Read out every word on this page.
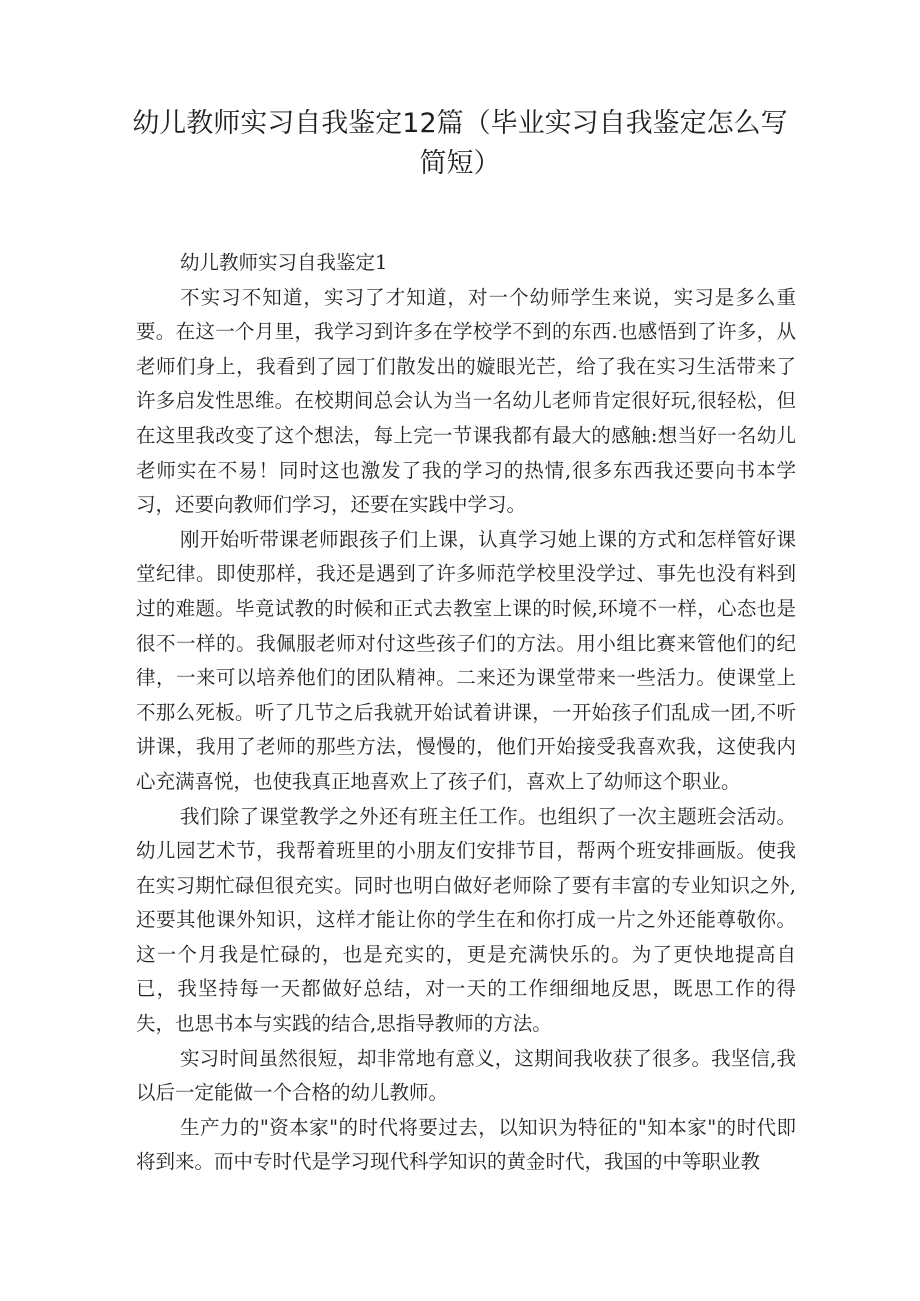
幼儿教师实习自我鉴定12篇（毕业实习自我鉴定怎么写简短）

幼儿教师实习自我鉴定1

不实习不知道，实习了才知道，对一个幼师学生来说，实习是多么重要。在这一个月里，我学习到许多在学校学不到的东西.也感悟到了许多，从老师们身上，我看到了园丁们散发出的嫙眼光芒，给了我在实习生活带来了许多启发性思维。在校期间总会认为当一名幼儿老师肯定很好玩,很轻松，但在这里我改变了这个想法，每上完一节课我都有最大的感触:想当好一名幼儿老师实在不易！同时这也激发了我的学习的热情,很多东西我还要向书本学习，还要向教师们学习，还要在实践中学习。

刚开始听带课老师跟孩子们上课，认真学习她上课的方式和怎样管好课堂纪律。即使那样，我还是遇到了许多师范学校里没学过、事先也没有料到过的难题。毕竟试教的时候和正式去教室上课的时候,环境不一样，心态也是很不一样的。我佩服老师对付这些孩子们的方法。用小组比赛来管他们的纪律，一来可以培养他们的团队精神。二来还为课堂带来一些活力。使课堂上不那么死板。听了几节之后我就开始试着讲课，一开始孩子们乱成一团,不听讲课，我用了老师的那些方法，慢慢的，他们开始接受我喜欢我，这使我内心充满喜悦，也使我真正地喜欢上了孩子们，喜欢上了幼师这个职业。

我们除了课堂教学之外还有班主任工作。也组织了一次主题班会活动。幼儿园艺术节，我帮着班里的小朋友们安排节目，帮两个班安排画版。使我在实习期忙碌但很充实。同时也明白做好老师除了要有丰富的专业知识之外,还要其他课外知识，这样才能让你的学生在和你打成一片之外还能尊敬你。这一个月我是忙碌的，也是充实的，更是充满快乐的。为了更快地提高自已，我坚持每一天都做好总结，对一天的工作细细地反思，既思工作的得失，也思书本与实践的结合,思指导教师的方法。

实习时间虽然很短，却非常地有意义，这期间我收获了很多。我坚信,我以后一定能做一个合格的幼儿教师。

生产力的"资本家"的时代将要过去，以知识为特征的"知本家"的时代即将到来。而中专时代是学习现代科学知识的黄金时代，我国的中等职业教
